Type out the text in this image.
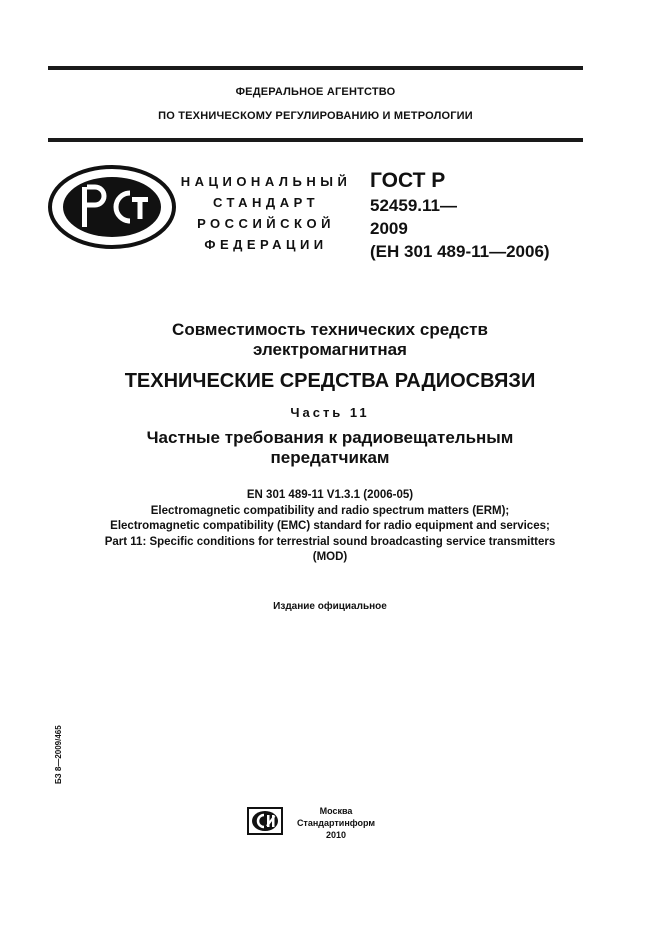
ФЕДЕРАЛЬНОЕ АГЕНТСТВО
ПО ТЕХНИЧЕСКОМУ РЕГУЛИРОВАНИЮ И МЕТРОЛОГИИ
НАЦИОНАЛЬНЫЙ
СТАНДАРТ
РОССИЙСКОЙ
ФЕДЕРАЦИИ
ГОСТ Р
52459.11—
2009
(ЕН 301 489-11—2006)
Совместимость технических средств
электромагнитная
ТЕХНИЧЕСКИЕ СРЕДСТВА РАДИОСВЯЗИ
Часть 11
Частные требования к радиовещательным
передатчикам
EN 301 489-11 V1.3.1 (2006-05)
Electromagnetic compatibility and radio spectrum matters (ERM);
Electromagnetic compatibility (EMC) standard for radio equipment and services;
Part 11: Specific conditions for terrestrial sound broadcasting service transmitters
(MOD)
Издание официальное
БЗ 8—2009/465
Москва
Стандартинформ
2010
